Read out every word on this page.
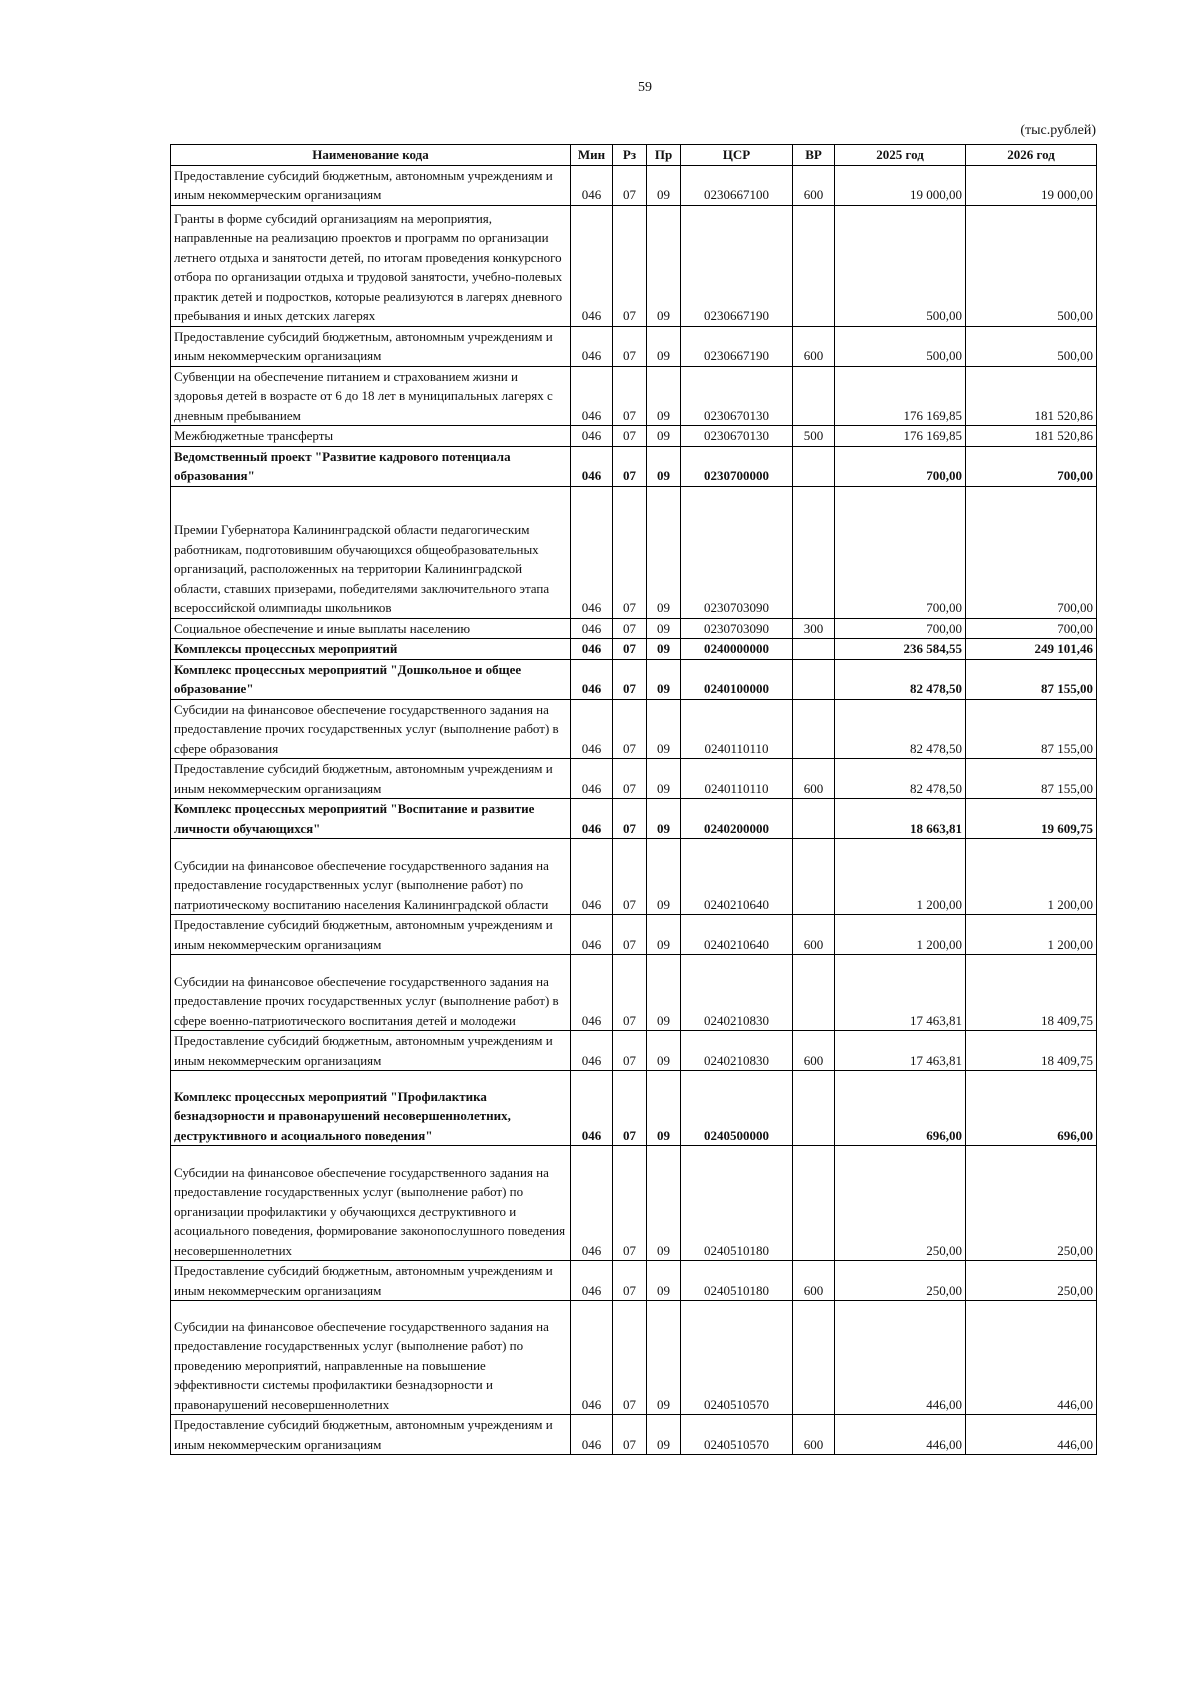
59
(тыс.рублей)
Наименование кода	Мин	Рз	Пр	ЦСР	ВР	2025 год	2026 год
Предоставление субсидий бюджетным, автономным учреждениям и иным некоммерческим организациям	046	07	09	0230667100	600	19 000,00	19 000,00
Гранты в форме субсидий организациям на мероприятия, направленные на реализацию проектов и программ по организации летнего отдыха и занятости детей, по итогам проведения конкурсного отбора по организации отдыха и трудовой занятости, учебно-полевых практик детей и подростков, которые реализуются в лагерях дневного пребывания и иных детских лагерях	046	07	09	0230667190		500,00	500,00
Предоставление субсидий бюджетным, автономным учреждениям и иным некоммерческим организациям	046	07	09	0230667190	600	500,00	500,00
Субвенции на обеспечение питанием и страхованием жизни и здоровья детей в возрасте от 6 до 18 лет в муниципальных лагерях с дневным пребыванием	046	07	09	0230670130		176 169,85	181 520,86
Межбюджетные трансферты	046	07	09	0230670130	500	176 169,85	181 520,86
Ведомственный проект "Развитие кадрового потенциала образования"	046	07	09	0230700000		700,00	700,00
Премии Губернатора Калининградской области педагогическим работникам, подготовившим обучающихся общеобразовательных организаций, расположенных на территории Калининградской области, ставших призерами, победителями заключительного этапа всероссийской олимпиады школьников	046	07	09	0230703090		700,00	700,00
Социальное обеспечение и иные выплаты населению	046	07	09	0230703090	300	700,00	700,00
Комплексы процессных мероприятий	046	07	09	0240000000		236 584,55	249 101,46
Комплекс процессных мероприятий "Дошкольное и общее образование"	046	07	09	0240100000		82 478,50	87 155,00
Субсидии на финансовое обеспечение государственного задания на предоставление прочих государственных услуг (выполнение работ) в сфере образования	046	07	09	0240110110		82 478,50	87 155,00
Предоставление субсидий бюджетным, автономным учреждениям и иным некоммерческим организациям	046	07	09	0240110110	600	82 478,50	87 155,00
Комплекс процессных мероприятий "Воспитание и развитие личности обучающихся"	046	07	09	0240200000		18 663,81	19 609,75
Субсидии на финансовое обеспечение государственного задания на предоставление государственных услуг (выполнение работ) по патриотическому воспитанию населения Калининградской области	046	07	09	0240210640		1 200,00	1 200,00
Предоставление субсидий бюджетным, автономным учреждениям и иным некоммерческим организациям	046	07	09	0240210640	600	1 200,00	1 200,00
Субсидии на финансовое обеспечение государственного задания на предоставление прочих государственных услуг (выполнение работ) в сфере военно-патриотического воспитания детей и молодежи	046	07	09	0240210830		17 463,81	18 409,75
Предоставление субсидий бюджетным, автономным учреждениям и иным некоммерческим организациям	046	07	09	0240210830	600	17 463,81	18 409,75
Комплекс процессных мероприятий "Профилактика безнадзорности и правонарушений несовершеннолетних, деструктивного и асоциального поведения"	046	07	09	0240500000		696,00	696,00
Субсидии на финансовое обеспечение государственного задания на предоставление государственных услуг (выполнение работ) по организации профилактики у обучающихся деструктивного и асоциального поведения, формирование законопослушного поведения несовершеннолетних	046	07	09	0240510180		250,00	250,00
Предоставление субсидий бюджетным, автономным учреждениям и иным некоммерческим организациям	046	07	09	0240510180	600	250,00	250,00
Субсидии на финансовое обеспечение государственного задания на предоставление государственных услуг (выполнение работ) по проведению мероприятий, направленные на повышение эффективности системы профилактики безнадзорности и правонарушений несовершеннолетних	046	07	09	0240510570		446,00	446,00
Предоставление субсидий бюджетным, автономным учреждениям и иным некоммерческим организациям	046	07	09	0240510570	600	446,00	446,00
